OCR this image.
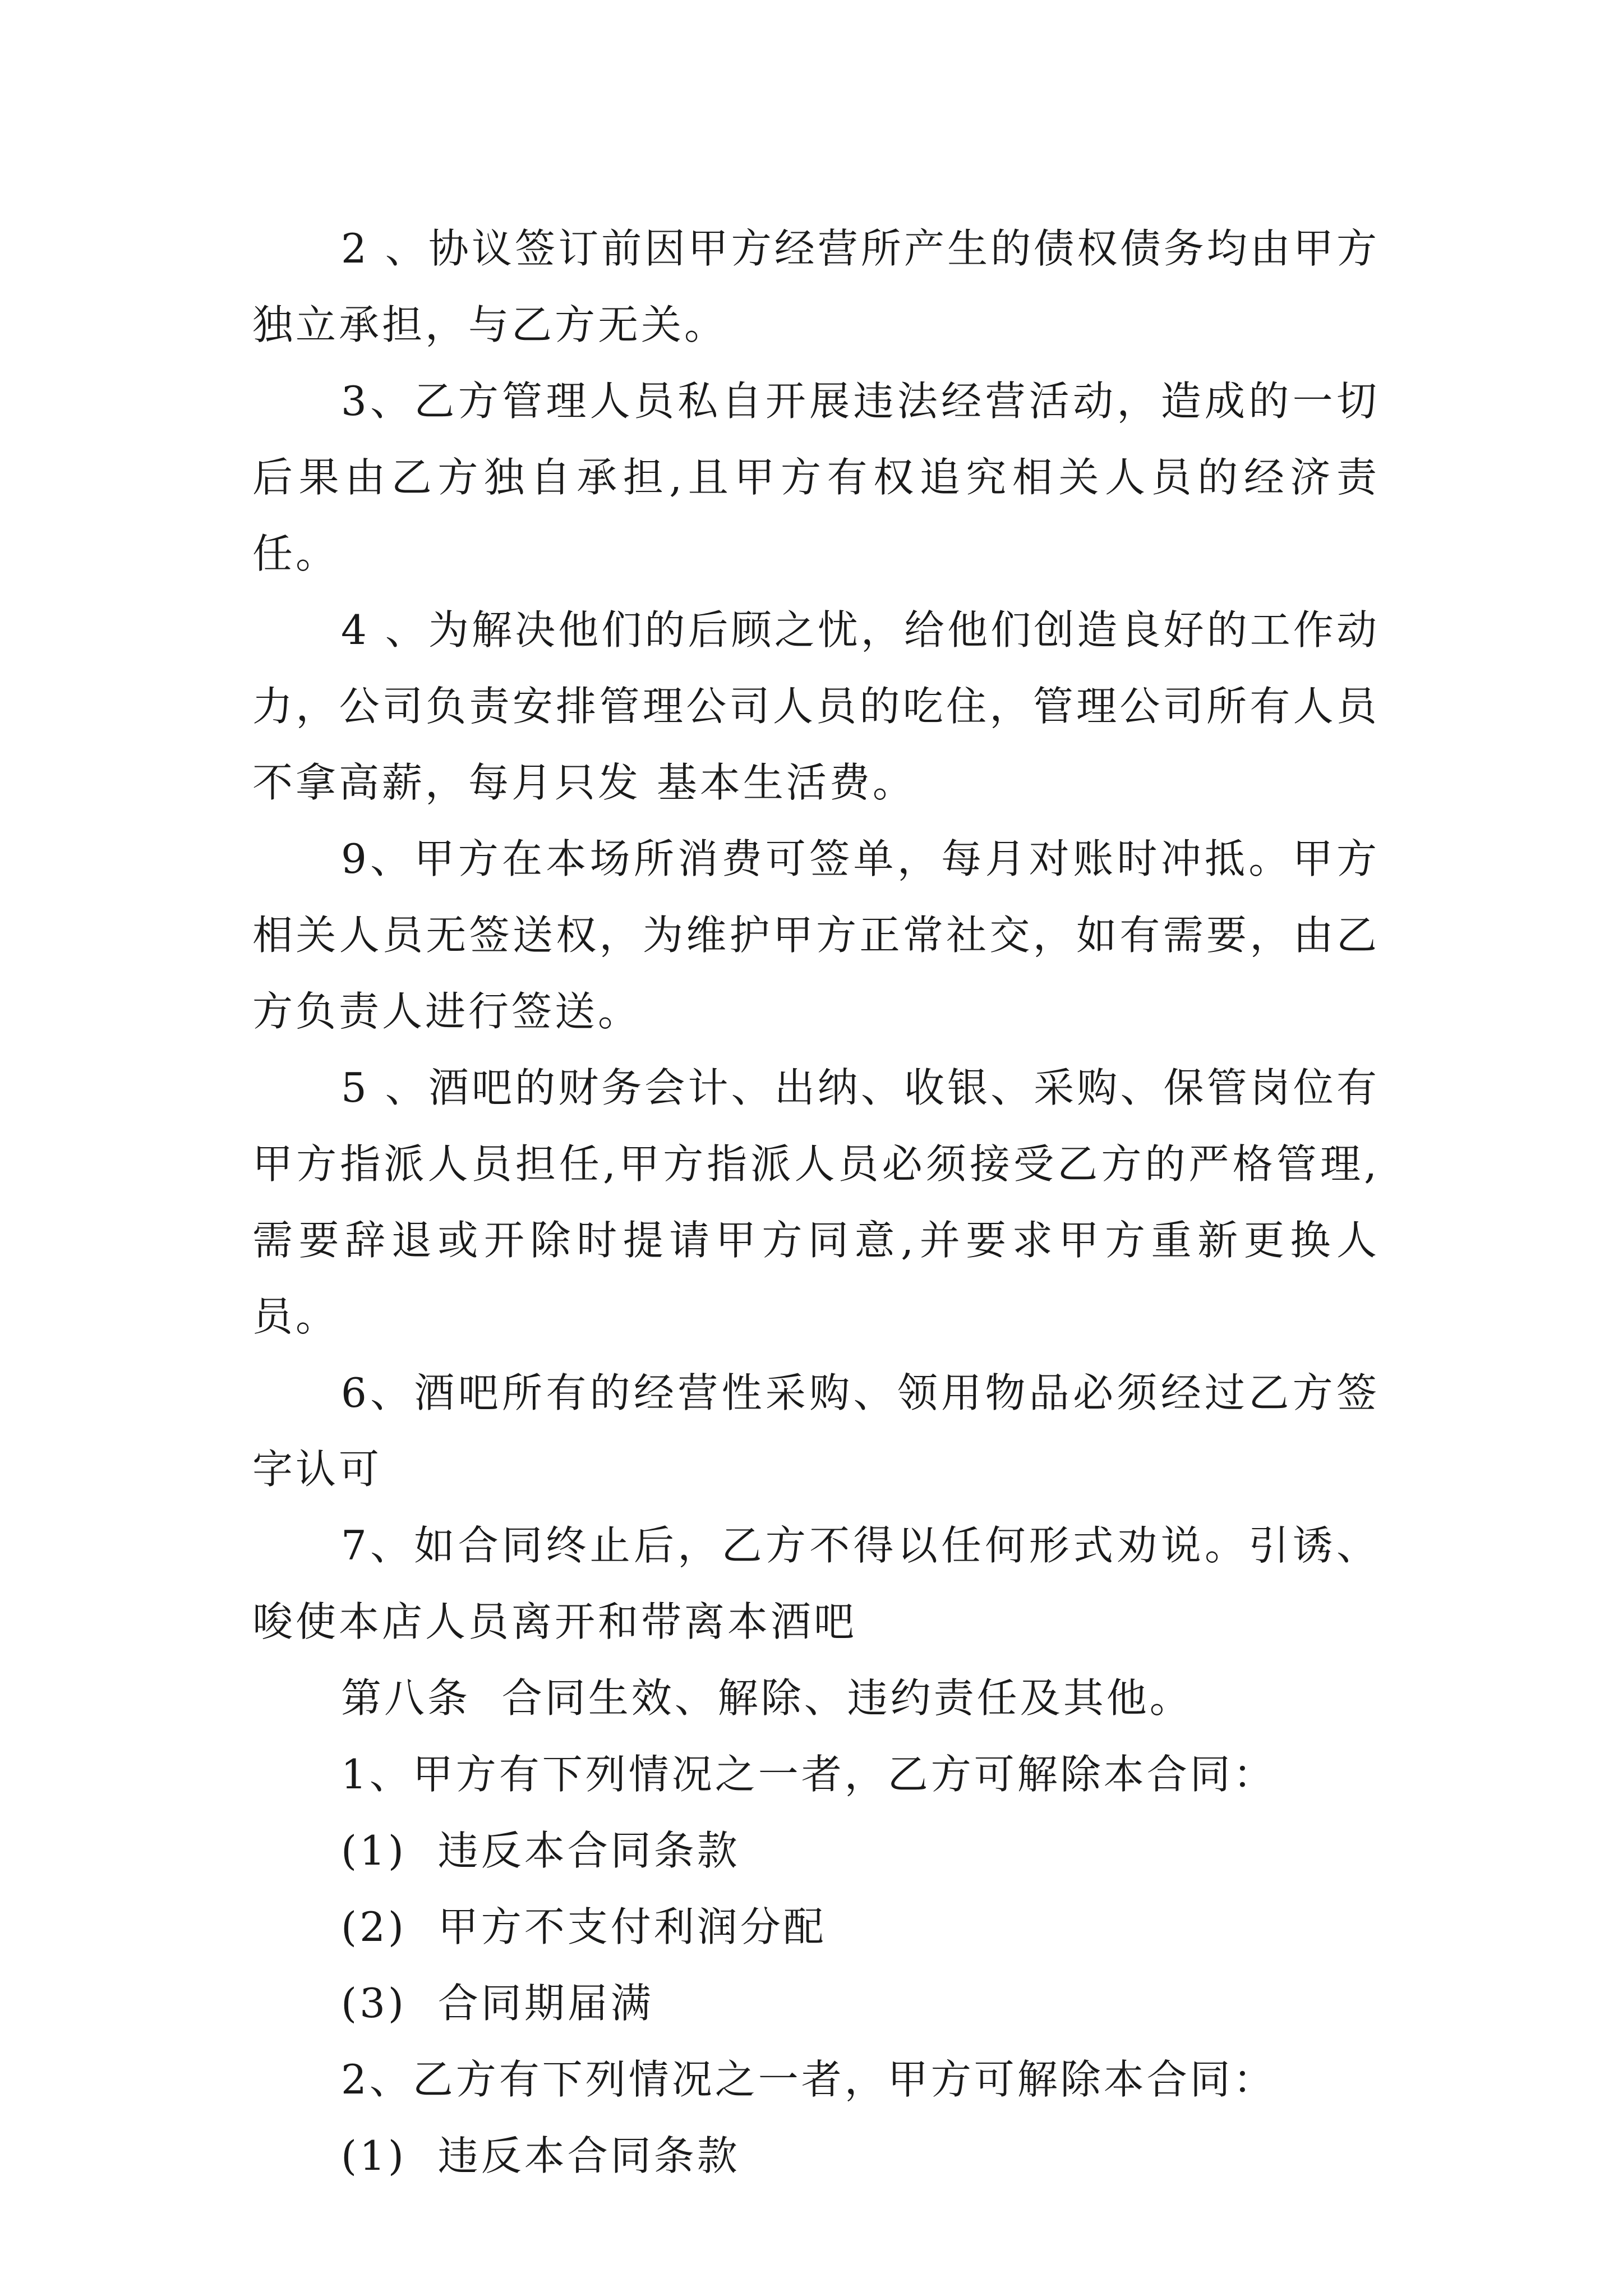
2 、协议签订前因甲方经营所产生的债权债务均由甲方独立承担，与乙方无关。

3、乙方管理人员私自开展违法经营活动，造成的一切后果由乙方独自承担,且甲方有权追究相关人员的经济责任。

4 、为解决他们的后顾之忧，给他们创造良好的工作动力，公司负责安排管理公司人员的吃住，管理公司所有人员不拿高薪，每月只发 基本生活费。

9、甲方在本场所消费可签单，每月对账时冲抵。甲方相关人员无签送权，为维护甲方正常社交，如有需要，由乙方负责人进行签送。

5 、酒吧的财务会计、出纳、收银、采购、保管岗位有甲方指派人员担任,甲方指派人员必须接受乙方的严格管理,需要辞退或开除时提请甲方同意,并要求甲方重新更换人员。

6、酒吧所有的经营性采购、领用物品必须经过乙方签字认可

7、如合同终止后，乙方不得以任何形式劝说。引诱、唆使本店人员离开和带离本酒吧

第八条  合同生效、解除、违约责任及其他。

1、甲方有下列情况之一者，乙方可解除本合同：

(1)  违反本合同条款

(2)  甲方不支付利润分配

(3)  合同期届满

2、乙方有下列情况之一者，甲方可解除本合同：

(1)  违反本合同条款
